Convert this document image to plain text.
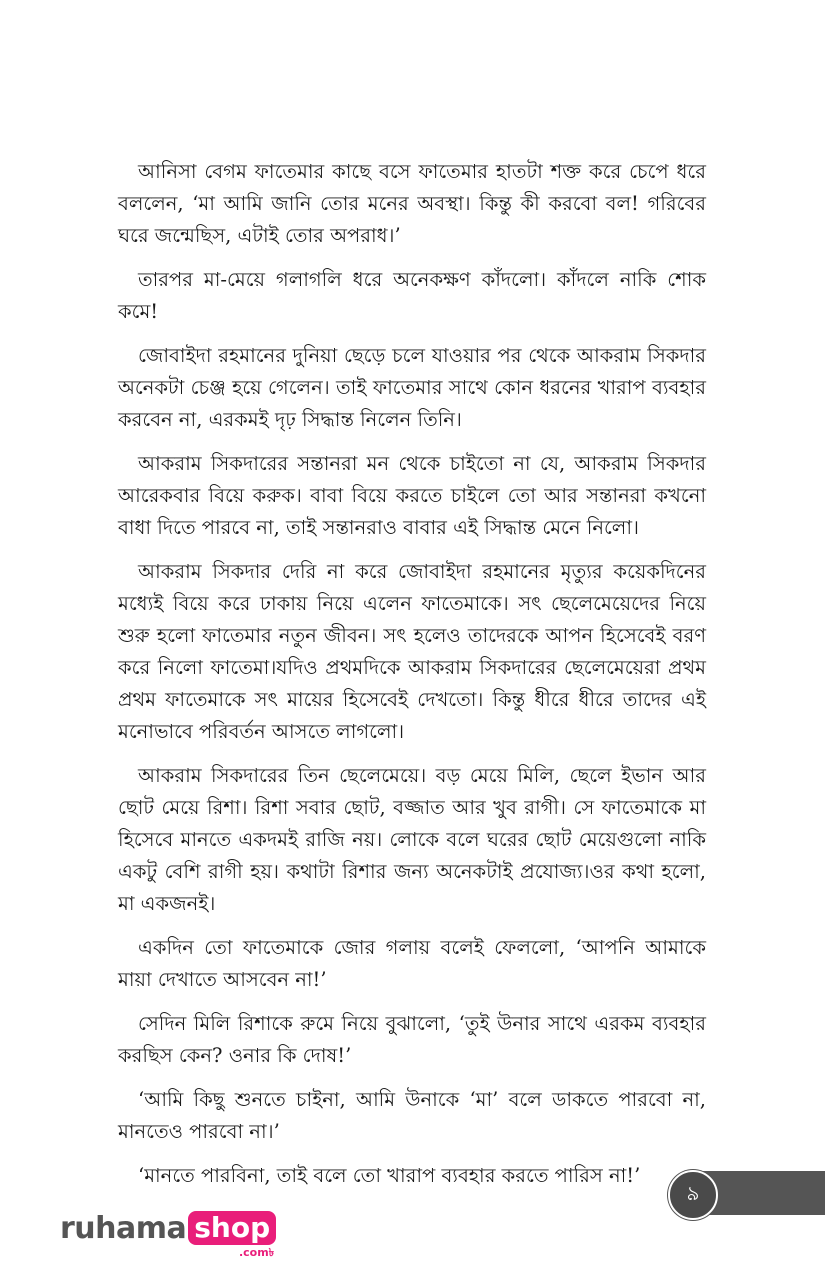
আনিসা বেগম ফাতেমার কাছে বসে ফাতেমার হাতটা শক্ত করে চেপে ধরে বললেন, ‘মা আমি জানি তোর মনের অবস্থা। কিন্তু কী করবো বল! গরিবের ঘরে জন্মেছিস, এটাই তোর অপরাধ।’

তারপর মা-মেয়ে গলাগলি ধরে অনেকক্ষণ কাঁদলো। কাঁদলে নাকি শোক কমে!

জোবাইদা রহমানের দুনিয়া ছেড়ে চলে যাওয়ার পর থেকে আকরাম সিকদার অনেকটা চেঞ্জ হয়ে গেলেন। তাই ফাতেমার সাথে কোন ধরনের খারাপ ব্যবহার করবেন না, এরকমই দৃঢ় সিদ্ধান্ত নিলেন তিনি।

আকরাম সিকদারের সন্তানরা মন থেকে চাইতো না যে, আকরাম সিকদার আরেকবার বিয়ে করুক। বাবা বিয়ে করতে চাইলে তো আর সন্তানরা কখনো বাধা দিতে পারবে না, তাই সন্তানরাও বাবার এই সিদ্ধান্ত মেনে নিলো।

আকরাম সিকদার দেরি না করে জোবাইদা রহমানের মৃত্যুর কয়েকদিনের মধ্যেই বিয়ে করে ঢাকায় নিয়ে এলেন ফাতেমাকে। সৎ ছেলেমেয়েদের নিয়ে শুরু হলো ফাতেমার নতুন জীবন। সৎ হলেও তাদেরকে আপন হিসেবেই বরণ করে নিলো ফাতেমা।যদিও প্রথমদিকে আকরাম সিকদারের ছেলেমেয়েরা প্রথম প্রথম ফাতেমাকে সৎ মায়ের হিসেবেই দেখতো। কিন্তু ধীরে ধীরে তাদের এই মনোভাবে পরিবর্তন আসতে লাগলো।

আকরাম সিকদারের তিন ছেলেমেয়ে। বড় মেয়ে মিলি, ছেলে ইভান আর ছোট মেয়ে রিশা। রিশা সবার ছোট, বজ্জাত আর খুব রাগী। সে ফাতেমাকে মা হিসেবে মানতে একদমই রাজি নয়। লোকে বলে ঘরের ছোট মেয়েগুলো নাকি একটু বেশি রাগী হয়। কথাটা রিশার জন্য অনেকটাই প্রযোজ্য।ওর কথা হলো, মা একজনই।

একদিন তো ফাতেমাকে জোর গলায় বলেই ফেললো, ‘আপনি আমাকে মায়া দেখাতে আসবেন না!’

সেদিন মিলি রিশাকে রুমে নিয়ে বুঝালো, ‘তুই উনার সাথে এরকম ব্যবহার করছিস কেন? ওনার কি দোষ!’

‘আমি কিছু শুনতে চাইনা, আমি উনাকে ‘মা’ বলে ডাকতে পারবো না, মানতেও পারবো না।’

‘মানতে পারবিনা, তাই বলে তো খারাপ ব্যবহার করতে পারিস না!’

৯
ruhama shop
.com৳
